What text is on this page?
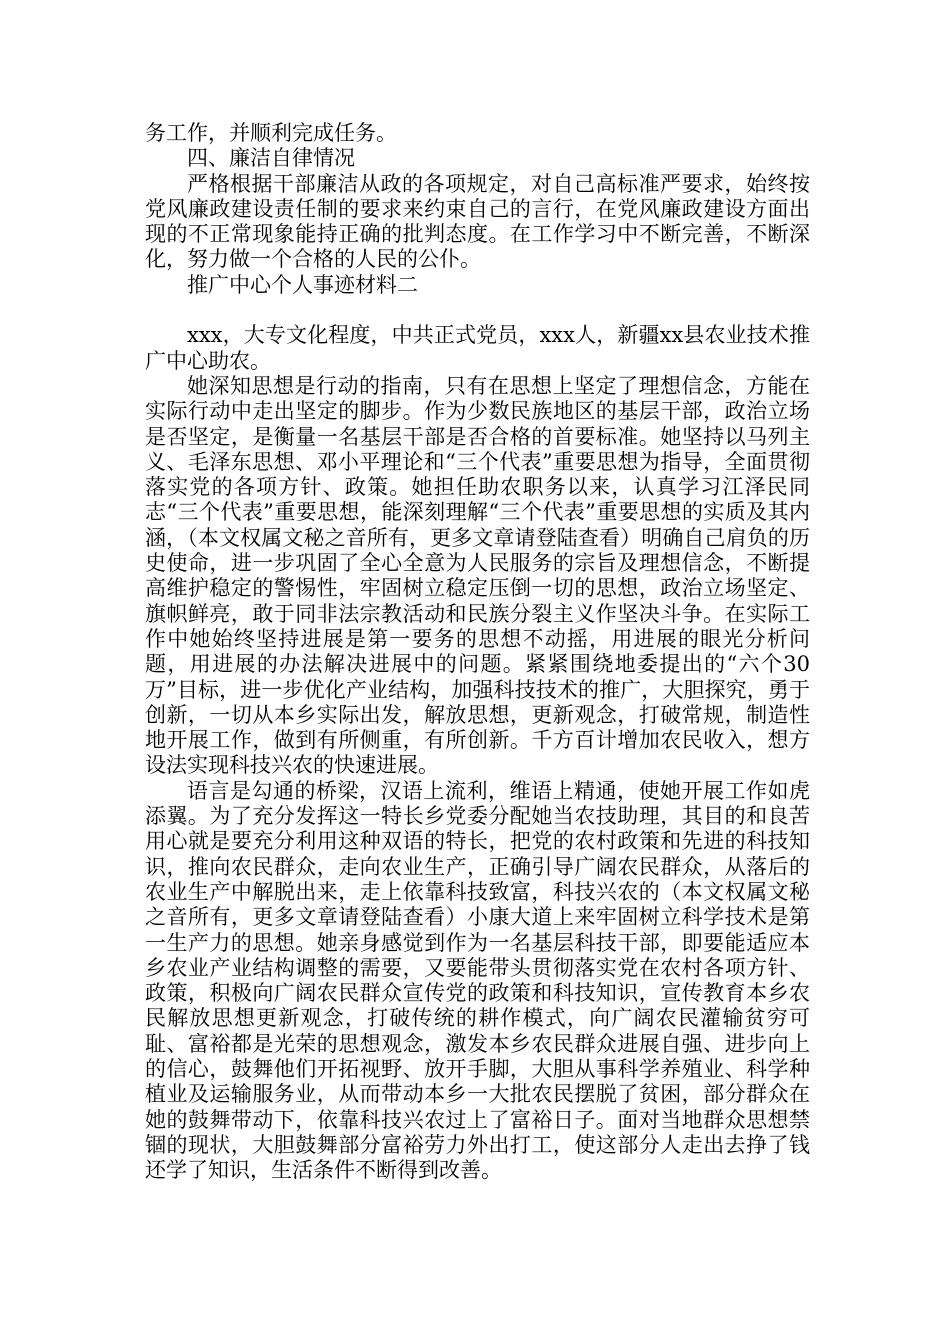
务工作，并顺利完成任务。

四、廉洁自律情况

严格根据干部廉洁从政的各项规定，对自己高标准严要求，始终按党风廉政建设责任制的要求来约束自己的言行，在党风廉政建设方面出现的不正常现象能持正确的批判态度。在工作学习中不断完善，不断深化，努力做一个合格的人民的公仆。

推广中心个人事迹材料二

xxx，大专文化程度，中共正式党员，xxx人，新疆xx县农业技术推广中心助农。

她深知思想是行动的指南，只有在思想上坚定了理想信念，方能在实际行动中走出坚定的脚步。作为少数民族地区的基层干部，政治立场是否坚定，是衡量一名基层干部是否合格的首要标准。她坚持以马列主义、毛泽东思想、邓小平理论和“三个代表”重要思想为指导，全面贯彻落实党的各项方针、政策。她担任助农职务以来，认真学习江泽民同志“三个代表”重要思想，能深刻理解“三个代表”重要思想的实质及其内涵，（本文权属文秘之音所有，更多文章请登陆查看）明确自己肩负的历史使命，进一步巩固了全心全意为人民服务的宗旨及理想信念，不断提高维护稳定的警惕性，牢固树立稳定压倒一切的思想，政治立场坚定、旗帜鲜亮，敢于同非法宗教活动和民族分裂主义作坚决斗争。在实际工作中她始终坚持进展是第一要务的思想不动摇，用进展的眼光分析问题，用进展的办法解决进展中的问题。紧紧围绕地委提出的“六个30万”目标，进一步优化产业结构，加强科技技术的推广，大胆探究，勇于创新，一切从本乡实际出发，解放思想，更新观念，打破常规，制造性地开展工作，做到有所侧重，有所创新。千方百计增加农民收入，想方设法实现科技兴农的快速进展。

语言是勾通的桥梁，汉语上流利，维语上精通，使她开展工作如虎添翼。为了充分发挥这一特长乡党委分配她当农技助理，其目的和良苦用心就是要充分利用这种双语的特长，把党的农村政策和先进的科技知识，推向农民群众，走向农业生产，正确引导广阔农民群众，从落后的农业生产中解脱出来，走上依靠科技致富，科技兴农的（本文权属文秘之音所有，更多文章请登陆查看）小康大道上来牢固树立科学技术是第一生产力的思想。她亲身感觉到作为一名基层科技干部，即要能适应本乡农业产业结构调整的需要，又要能带头贯彻落实党在农村各项方针、政策，积极向广阔农民群众宣传党的政策和科技知识，宣传教育本乡农民解放思想更新观念，打破传统的耕作模式，向广阔农民灌输贫穷可耻、富裕都是光荣的思想观念，激发本乡农民群众进展自强、进步向上的信心，鼓舞他们开拓视野、放开手脚，大胆从事科学养殖业、科学种植业及运输服务业，从而带动本乡一大批农民摆脱了贫困，部分群众在她的鼓舞带动下，依靠科技兴农过上了富裕日子。面对当地群众思想禁锢的现状，大胆鼓舞部分富裕劳力外出打工，使这部分人走出去挣了钱还学了知识，生活条件不断得到改善。
